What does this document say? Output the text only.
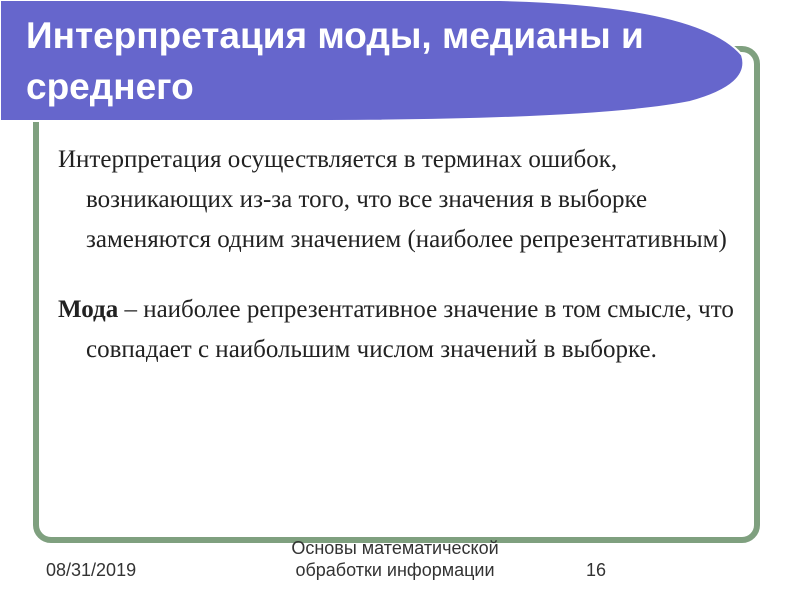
Интерпретация моды, медианы и среднего

Интерпретация осуществляется в терминах ошибок, возникающих из-за того, что все значения в выборке заменяются одним значением (наиболее репрезентативным)

Мода – наиболее репрезентативное значение в том смысле, что совпадает с наибольшим числом значений в выборке.

08/31/2019
Основы математической обработки информации	16
